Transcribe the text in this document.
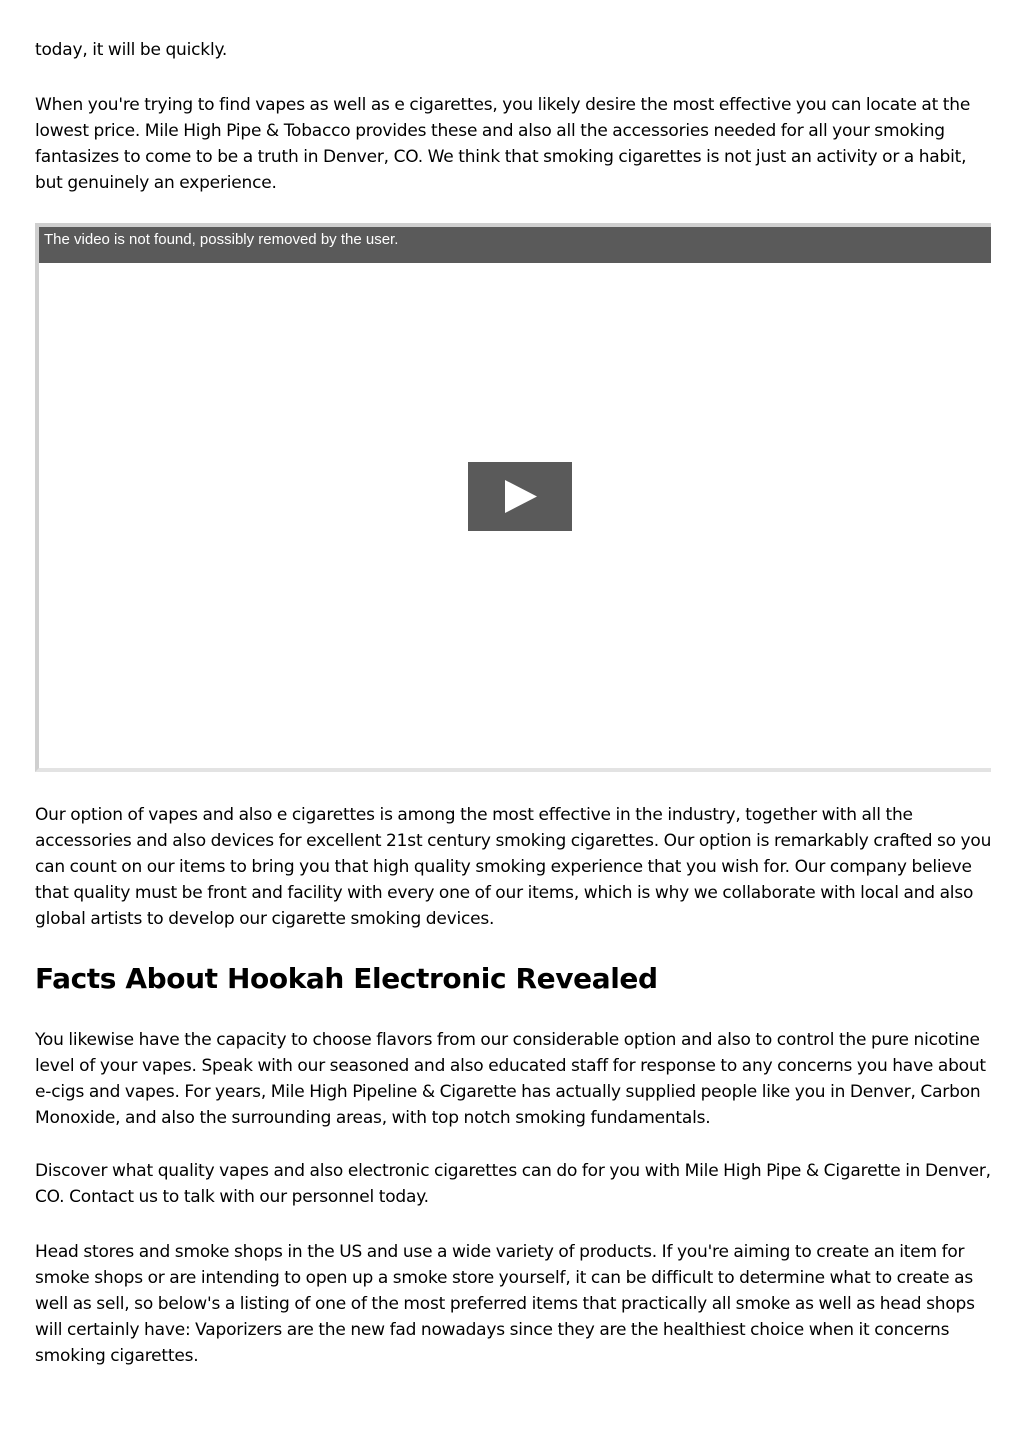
today, it will be quickly.

When you're trying to find vapes as well as e cigarettes, you likely desire the most effective you can locate at the lowest price. Mile High Pipe & Tobacco provides these and also all the accessories needed for all your smoking fantasizes to come to be a truth in Denver, CO. We think that smoking cigarettes is not just an activity or a habit, but genuinely an experience.

The video is not found, possibly removed by the user.

Our option of vapes and also e cigarettes is among the most effective in the industry, together with all the accessories and also devices for excellent 21st century smoking cigarettes. Our option is remarkably crafted so you can count on our items to bring you that high quality smoking experience that you wish for. Our company believe that quality must be front and facility with every one of our items, which is why we collaborate with local and also global artists to develop our cigarette smoking devices.

Facts About Hookah Electronic Revealed

You likewise have the capacity to choose flavors from our considerable option and also to control the pure nicotine level of your vapes. Speak with our seasoned and also educated staff for response to any concerns you have about e-cigs and vapes. For years, Mile High Pipeline & Cigarette has actually supplied people like you in Denver, Carbon Monoxide, and also the surrounding areas, with top notch smoking fundamentals.

Discover what quality vapes and also electronic cigarettes can do for you with Mile High Pipe & Cigarette in Denver, CO. Contact us to talk with our personnel today.

Head stores and smoke shops in the US and use a wide variety of products. If you're aiming to create an item for smoke shops or are intending to open up a smoke store yourself, it can be difficult to determine what to create as well as sell, so below's a listing of one of the most preferred items that practically all smoke as well as head shops will certainly have: Vaporizers are the new fad nowadays since they are the healthiest choice when it concerns smoking cigarettes.
